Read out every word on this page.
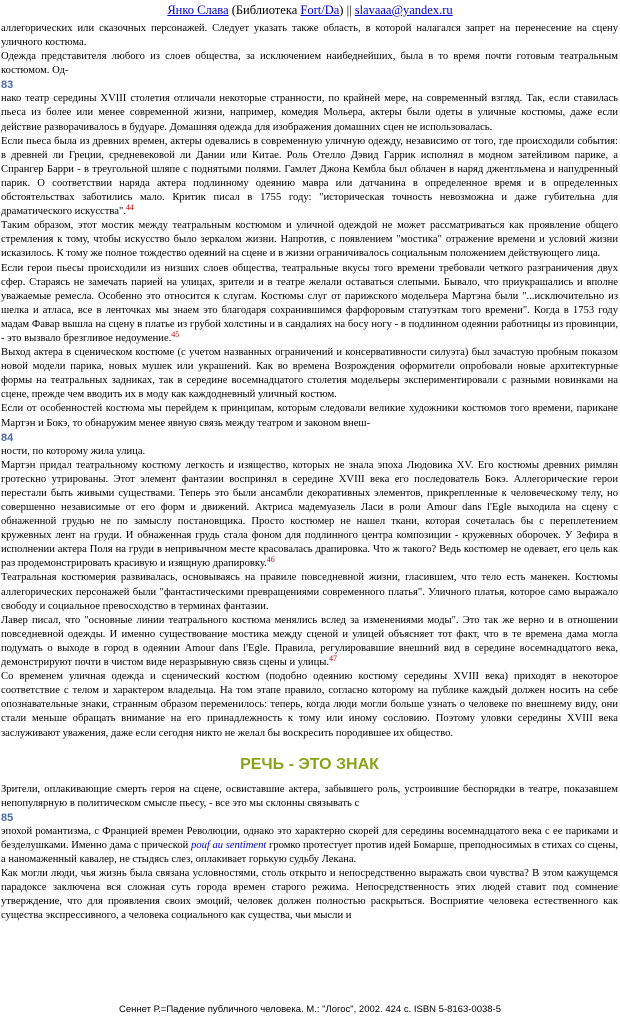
Янко Слава (Библиотека Fort/Da) || slavaaa@yandex.ru

аллегорических или сказочных персонажей. Следует указать также область, в которой налагался запрет на перенесение на сцену уличного костюма.

Одежда представителя любого из слоев общества, за исключением наибеднейших, была в то время почти готовым театральным костюмом. Од-

83

нако театр середины XVIII столетия отличали некоторые странности, по крайней мере, на современный взгляд. Так, если ставилась пьеса из более или менее современной жизни, например, комедия Мольера, актеры были одеты в уличные костюмы, даже если действие разворачивалось в будуаре. Домашняя одежда для изображения домашних сцен не использовалась.

Если пьеса была из древних времен, актеры одевались в современную уличную одежду, независимо от того, где происходили события: в древней ли Греции, средневековой ли Дании или Китае. Роль Отелло Дэвид Гаррик исполнял в модном затейливом парике, а Спрангер Барри - в треугольной шляпе с поднятыми полями. Гамлет Джона Кембла был облачен в наряд джентльмена и напудренный парик. О соответствии наряда актера подлинному одеянию мавра или датчанина в определенное время и в определенных обстоятельствах заботились мало. Критик писал в 1755 году: "историческая точность невозможна и даже губительна для драматического искусства".$^{44}$

Таким образом, этот мостик между театральным костюмом и уличной одеждой не может рассматриваться как проявление общего стремления к тому, чтобы искусство было зеркалом жизни. Напротив, с появлением "мостика" отражение времени и условий жизни исказилось. К тому же полное тождество одеяний на сцене и в жизни ограничивалось социальным положением действующего лица.

Если герои пьесы происходили из низших слоев общества, театральные вкусы того времени требовали четкого разграничения двух сфер. Стараясь не замечать парией на улицах, зрители и в театре желали оставаться слепыми. Бывало, что приукрашались и вполне уважаемые ремесла. Особенно это относится к слугам. Костюмы слуг от парижского модельера Мартэна были "...исключительно из шелка и атласа, все в ленточках мы знаем это благодаря сохранившимся фарфоровым статуэткам того времени". Когда в 1753 году мадам Фавар вышла на сцену в платье из грубой холстины и в сандалиях на босу ногу - в подлинном одеянии работницы из провинции, - это вызвало брезгливое недоумение.$^{45}$

Выход актера в сценическом костюме (с учетом названных ограничений и консервативности силуэта) был зачастую пробным показом новой модели парика, новых мушек или украшений. Как во времена Возрождения оформители опробовали новые архитектурные формы на театральных задниках, так в середине восемнадцатого столетия модельеры экспериментировали с разными новинками на сцене, прежде чем вводить их в моду как каждодневный уличный костюм.

Если от особенностей костюма мы перейдем к принципам, которым следовали великие художники костюмов того времени, парикане Мартэн и Бокэ, то обнаружим менее явную связь между театром и законом внеш-

84

ности, по которому жила улица.

Мартэн придал театральному костюму легкость и изящество, которых не знала эпоха Людовика XV. Его костюмы древних римлян гротескно утрированы. Этот элемент фантазии воспринял в середине XVIII века его последователь Бокэ. Аллегорические герои перестали быть живыми существами. Теперь это были ансамбли декоративных элементов, прикрепленные к человеческому телу, но совершенно независимые от его форм и движений. Актриса мадемуазель Ласи в роли Amour dans l'Egle выходила на сцену с обнаженной грудью не по замыслу постановщика. Просто костюмер не нашел ткани, которая сочеталась бы с переплетением кружевных лент на груди. И обнаженная грудь стала фоном для подлинного центра композиции - кружевных оборочек. У Зефира в исполнении актера Поля на груди в непривычном месте красовалась драпировка. Что ж такого? Ведь костюмер не одевает, его цель как раз продемонстрировать красивую и изящную драпировку.$^{46}$

Театральная костюмерия развивалась, основываясь на правиле повседневной жизни, гласившем, что тело есть манекен. Костюмы аллегорических персонажей были "фантастическими превращениями современного платья". Уличного платья, которое само выражало свободу и социальное превосходство в терминах фантазии.

Лавер писал, что "основные линии театрального костюма менялись вслед за изменениями моды". Это так же верно и в отношении повседневной одежды. И именно существование мостика между сценой и улицей объясняет тот факт, что в те времена дама могла подумать о выходе в город в одеянии Amour dans l'Egle. Правила, регулировавшие внешний вид в середине восемнадцатого века, демонстрируют почти в чистом виде неразрывную связь сцены и улицы.$^{47}$

Со временем уличная одежда и сценический костюм (подобно одеянию костюму середины XVIII века) приходят в некоторое соответствие с телом и характером владельца. На том этапе правило, согласно которому на публике каждый должен носить на себе опознавательные знаки, странным образом переменилось: теперь, когда люди могли больше узнать о человеке по внешнему виду, они стали меньше обращать внимание на его принадлежность к тому или иному сословию. Поэтому уловки середины XVIII века заслуживают уважения, даже если сегодня никто не желал бы воскресить породившее их общество.

РЕЧЬ - ЭТО ЗНАК

Зрители, оплакивающие смерть героя на сцене, освиставшие актера, забывшего роль, устроившие беспорядки в театре, показавшем непопулярную в политическом смысле пьесу, - все это мы склонны связывать с

85

эпохой романтизма, с Францией времен Революции, однако это характерно скорей для середины восемнадцатого века с ее париками и безделушками. Именно дама с прической pouf au sentiment громко протестует против идей Бомарше, преподносимых в стихах со сцены, а наномаженный кавалер, не стыдясь слез, оплакивает горькую судьбу Лекана.

Как могли люди, чья жизнь была связана условностями, столь открыто и непосредственно выражать свои чувства? В этом кажущемся парадоксе заключена вся сложная суть города времен старого режима. Непосредственность этих людей ставит под сомнение утверждение, что для проявления своих эмоций, человек должен полностью раскрыться. Восприятие человека естественного как существа экспрессивного, а человека социального как существа, чьи мысли и

Сеннет Р.=Падение публичного человека. М.: "Логос", 2002. 424 с. ISBN 5-8163-0038-5
